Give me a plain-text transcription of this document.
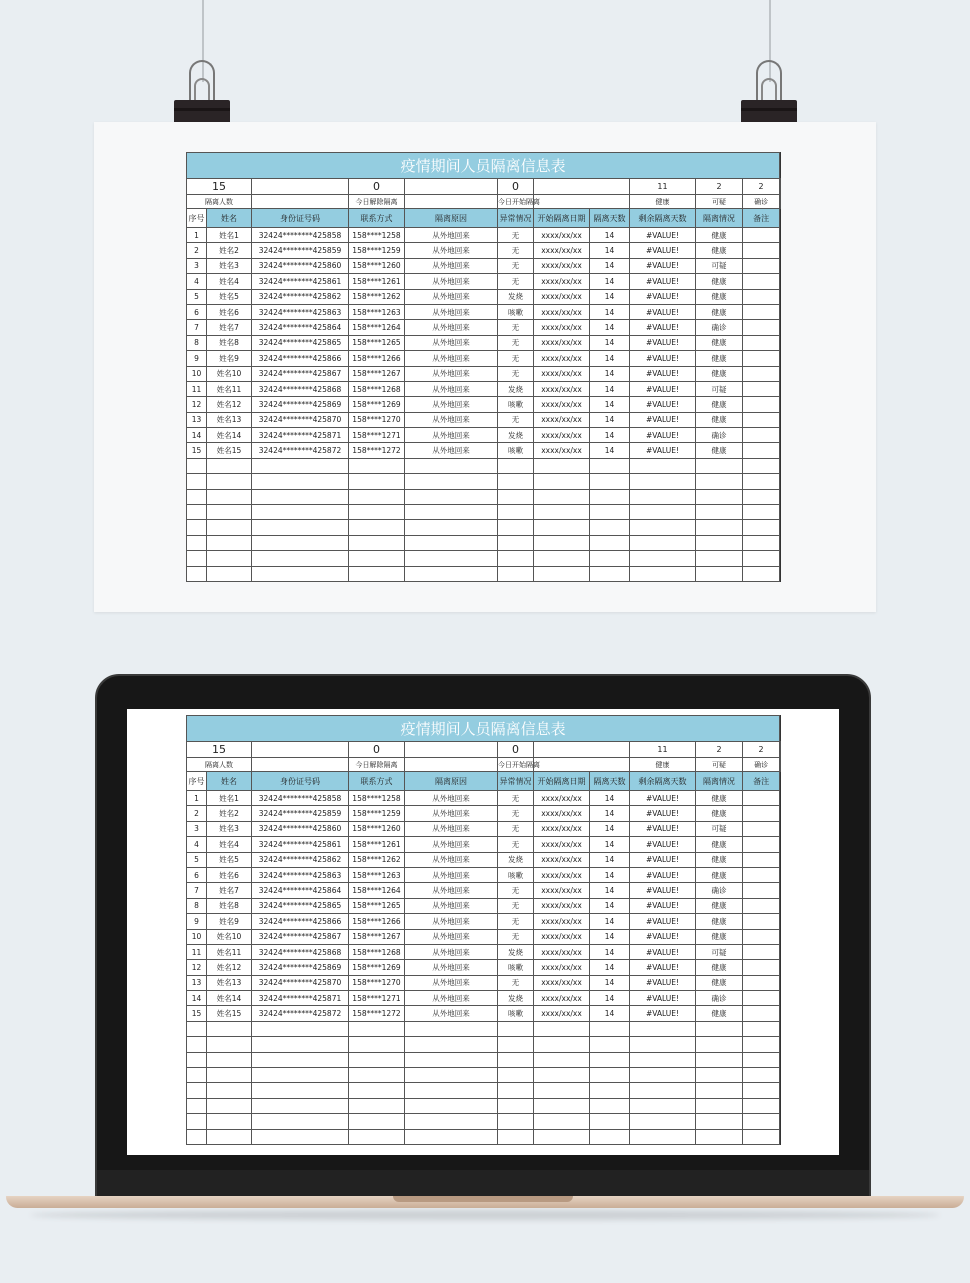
疫情期间人员隔离信息表											
15			0		0			11	2	2	
隔离人数			今日解除隔离		今日开始隔离			健康	可疑	确诊	
序号	姓名	身份证号码	联系方式	隔离原因	异常情况	开始隔离日期	隔离天数	剩余隔离天数	隔离情况	备注	
1	姓名1	32424********425858	158****1258	从外地回来	无	xxxx/xx/xx	14	#VALUE!	健康		
2	姓名2	32424********425859	158****1259	从外地回来	无	xxxx/xx/xx	14	#VALUE!	健康		
3	姓名3	32424********425860	158****1260	从外地回来	无	xxxx/xx/xx	14	#VALUE!	可疑		
4	姓名4	32424********425861	158****1261	从外地回来	无	xxxx/xx/xx	14	#VALUE!	健康		
5	姓名5	32424********425862	158****1262	从外地回来	发烧	xxxx/xx/xx	14	#VALUE!	健康		
6	姓名6	32424********425863	158****1263	从外地回来	咳嗽	xxxx/xx/xx	14	#VALUE!	健康		
7	姓名7	32424********425864	158****1264	从外地回来	无	xxxx/xx/xx	14	#VALUE!	确诊		
8	姓名8	32424********425865	158****1265	从外地回来	无	xxxx/xx/xx	14	#VALUE!	健康		
9	姓名9	32424********425866	158****1266	从外地回来	无	xxxx/xx/xx	14	#VALUE!	健康		
10	姓名10	32424********425867	158****1267	从外地回来	无	xxxx/xx/xx	14	#VALUE!	健康		
11	姓名11	32424********425868	158****1268	从外地回来	发烧	xxxx/xx/xx	14	#VALUE!	可疑		
12	姓名12	32424********425869	158****1269	从外地回来	咳嗽	xxxx/xx/xx	14	#VALUE!	健康		
13	姓名13	32424********425870	158****1270	从外地回来	无	xxxx/xx/xx	14	#VALUE!	健康		
14	姓名14	32424********425871	158****1271	从外地回来	发烧	xxxx/xx/xx	14	#VALUE!	确诊		
15	姓名15	32424********425872	158****1272	从外地回来	咳嗽	xxxx/xx/xx	14	#VALUE!	健康		

疫情期间人员隔离信息表											
15			0		0			11	2	2	
隔离人数			今日解除隔离		今日开始隔离			健康	可疑	确诊	
序号	姓名	身份证号码	联系方式	隔离原因	异常情况	开始隔离日期	隔离天数	剩余隔离天数	隔离情况	备注	
1	姓名1	32424********425858	158****1258	从外地回来	无	xxxx/xx/xx	14	#VALUE!	健康		
2	姓名2	32424********425859	158****1259	从外地回来	无	xxxx/xx/xx	14	#VALUE!	健康		
3	姓名3	32424********425860	158****1260	从外地回来	无	xxxx/xx/xx	14	#VALUE!	可疑		
4	姓名4	32424********425861	158****1261	从外地回来	无	xxxx/xx/xx	14	#VALUE!	健康		
5	姓名5	32424********425862	158****1262	从外地回来	发烧	xxxx/xx/xx	14	#VALUE!	健康		
6	姓名6	32424********425863	158****1263	从外地回来	咳嗽	xxxx/xx/xx	14	#VALUE!	健康		
7	姓名7	32424********425864	158****1264	从外地回来	无	xxxx/xx/xx	14	#VALUE!	确诊		
8	姓名8	32424********425865	158****1265	从外地回来	无	xxxx/xx/xx	14	#VALUE!	健康		
9	姓名9	32424********425866	158****1266	从外地回来	无	xxxx/xx/xx	14	#VALUE!	健康		
10	姓名10	32424********425867	158****1267	从外地回来	无	xxxx/xx/xx	14	#VALUE!	健康		
11	姓名11	32424********425868	158****1268	从外地回来	发烧	xxxx/xx/xx	14	#VALUE!	可疑		
12	姓名12	32424********425869	158****1269	从外地回来	咳嗽	xxxx/xx/xx	14	#VALUE!	健康		
13	姓名13	32424********425870	158****1270	从外地回来	无	xxxx/xx/xx	14	#VALUE!	健康		
14	姓名14	32424********425871	158****1271	从外地回来	发烧	xxxx/xx/xx	14	#VALUE!	确诊		
15	姓名15	32424********425872	158****1272	从外地回来	咳嗽	xxxx/xx/xx	14	#VALUE!	健康		
